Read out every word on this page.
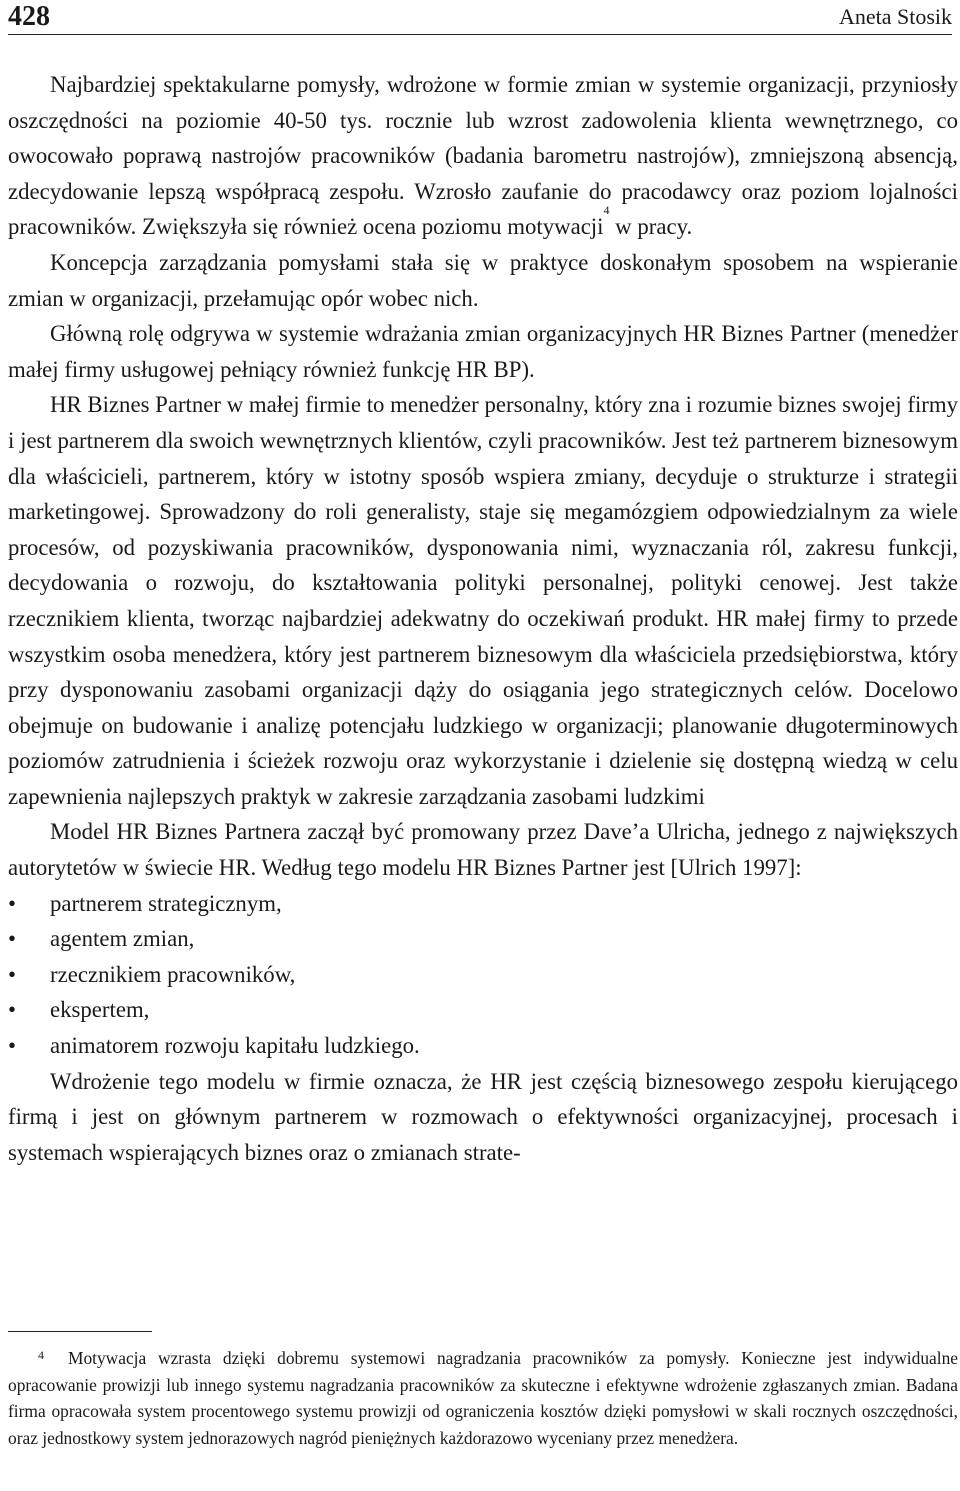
428	Aneta Stosik

Najbardziej spektakularne pomysły, wdrożone w formie zmian w systemie organizacji, przyniosły oszczędności na poziomie 40-50 tys. rocznie lub wzrost zadowolenia klienta wewnętrznego, co owocowało poprawą nastrojów pracowników (badania barometru nastrojów), zmniejszoną absencją, zdecydowanie lepszą współpracą zespołu. Wzrosło zaufanie do pracodawcy oraz poziom lojalności pracowników. Zwiększyła się również ocena poziomu motywacji$^4$ w pracy.

Koncepcja zarządzania pomysłami stała się w praktyce doskonałym sposobem na wspieranie zmian w organizacji, przełamując opór wobec nich.

Główną rolę odgrywa w systemie wdrażania zmian organizacyjnych HR Biznes Partner (menedżer małej firmy usługowej pełniący również funkcję HR BP).

HR Biznes Partner w małej firmie to menedżer personalny, który zna i rozumie biznes swojej firmy i jest partnerem dla swoich wewnętrznych klientów, czyli pracowników. Jest też partnerem biznesowym dla właścicieli, partnerem, który w istotny sposób wspiera zmiany, decyduje o strukturze i strategii marketingowej. Sprowadzony do roli generalisty, staje się megamózgiem odpowiedzialnym za wiele procesów, od pozyskiwania pracowników, dysponowania nimi, wyznaczania ról, zakresu funkcji, decydowania o rozwoju, do kształtowania polityki personalnej, polityki cenowej. Jest także rzecznikiem klienta, tworząc najbardziej adekwatny do oczekiwań produkt. HR małej firmy to przede wszystkim osoba menedżera, który jest partnerem biznesowym dla właściciela przedsiębiorstwa, który przy dysponowaniu zasobami organizacji dąży do osiągania jego strategicznych celów. Docelowo obejmuje on budowanie i analizę potencjału ludzkiego w organizacji; planowanie długoterminowych poziomów zatrudnienia i ścieżek rozwoju oraz wykorzystanie i dzielenie się dostępną wiedzą w celu zapewnienia najlepszych praktyk w zakresie zarządzania zasobami ludzkimi

Model HR Biznes Partnera zaczął być promowany przez Dave’a Ulricha, jednego z największych autorytetów w świecie HR. Według tego modelu HR Biznes Partner jest [Ulrich 1997]:

• partnerem strategicznym,
• agentem zmian,
• rzecznikiem pracowników,
• ekspertem,
• animatorem rozwoju kapitału ludzkiego.

Wdrożenie tego modelu w firmie oznacza, że HR jest częścią biznesowego zespołu kierującego firmą i jest on głównym partnerem w rozmowach o efektywności organizacyjnej, procesach i systemach wspierających biznes oraz o zmianach strate-

4 Motywacja wzrasta dzięki dobremu systemowi nagradzania pracowników za pomysły. Konieczne jest indywidualne opracowanie prowizji lub innego systemu nagradzania pracowników za skuteczne i efektywne wdrożenie zgłaszanych zmian. Badana firma opracowała system procentowego systemu prowizji od ograniczenia kosztów dzięki pomysłowi w skali rocznych oszczędności, oraz jednostkowy system jednorazowych nagród pieniężnych każdorazowo wyceniany przez menedżera.
